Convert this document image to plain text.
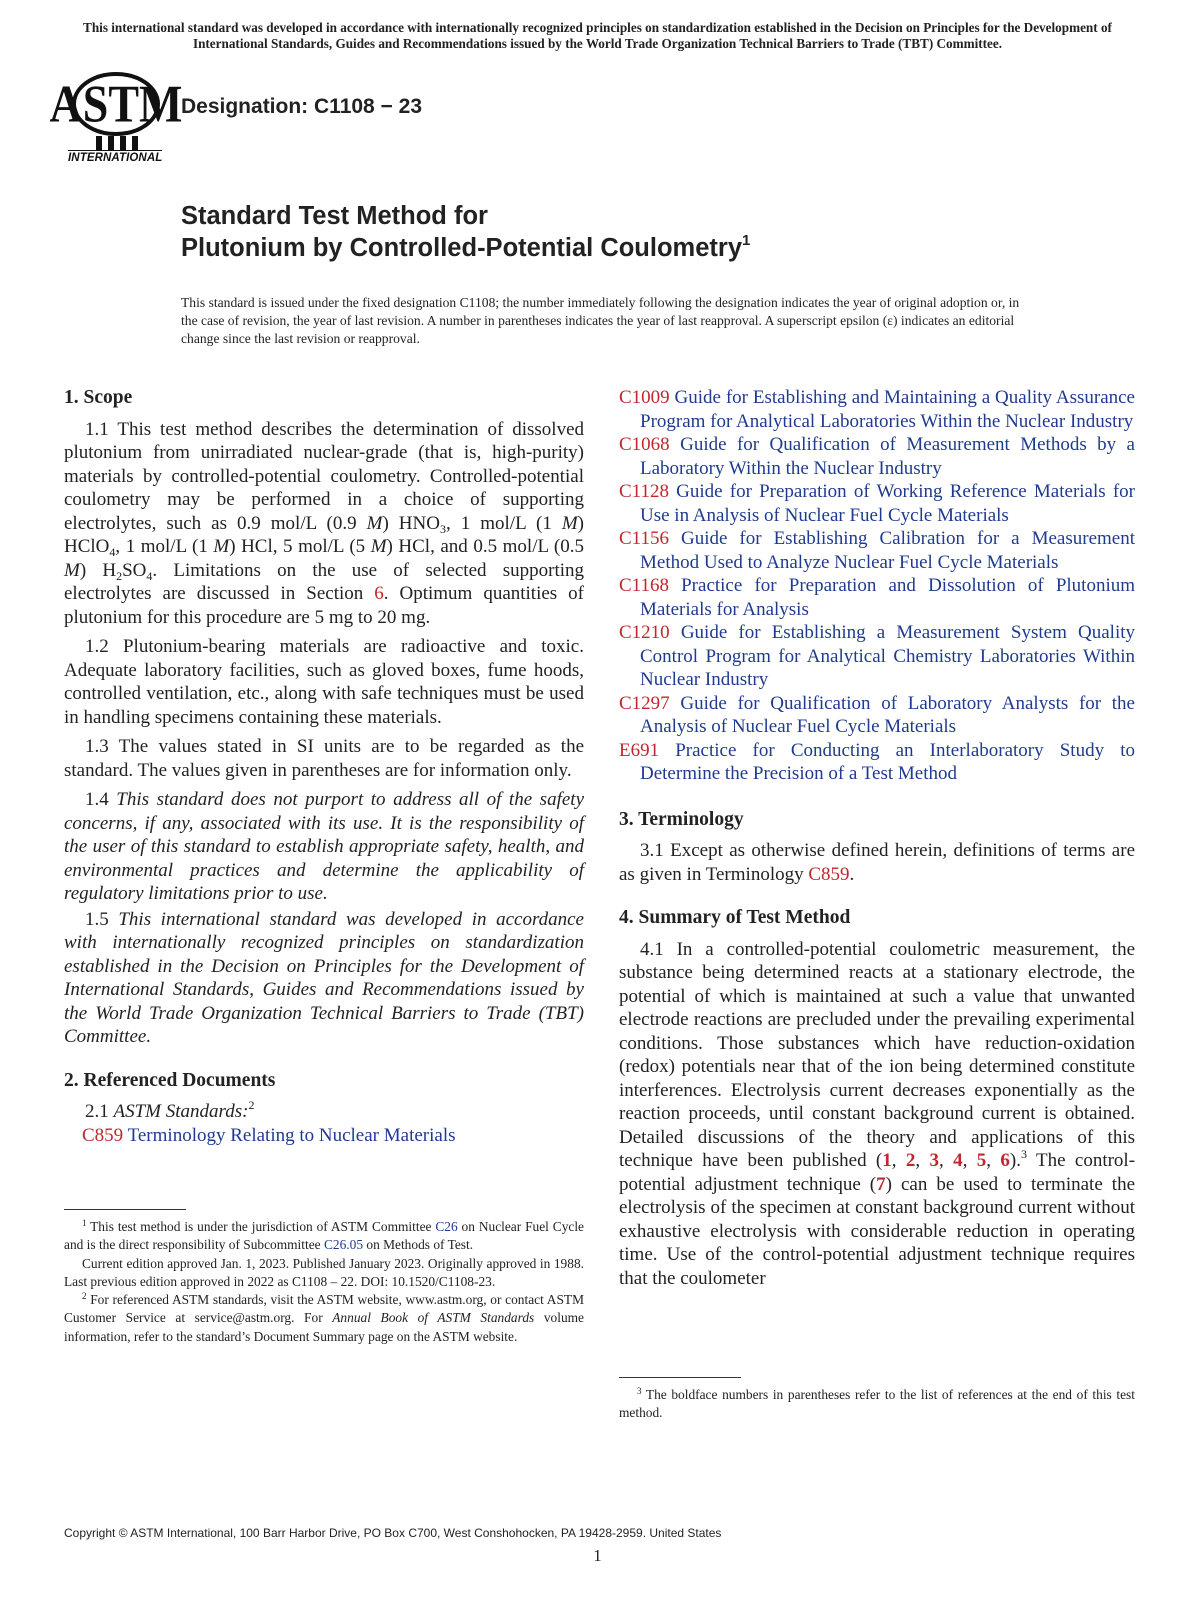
This international standard was developed in accordance with internationally recognized principles on standardization established in the Decision on Principles for the Development of International Standards, Guides and Recommendations issued by the World Trade Organization Technical Barriers to Trade (TBT) Committee.
ASTM
INTERNATIONAL
Designation: C1108 − 23
Standard Test Method for
Plutonium by Controlled-Potential Coulometry$^1$
This standard is issued under the fixed designation C1108; the number immediately following the designation indicates the year of original adoption or, in the case of revision, the year of last revision. A number in parentheses indicates the year of last reapproval. A superscript epsilon (ε) indicates an editorial change since the last revision or reapproval.
1. Scope

1.1 This test method describes the determination of dissolved plutonium from unirradiated nuclear-grade (that is, high-purity) materials by controlled-potential coulometry. Controlled-potential coulometry may be performed in a choice of supporting electrolytes, such as 0.9 mol/L (0.9 M) $HNO_3$, 1 mol/L (1 M) HClO$_4$, 1 mol/L (1 M) HCl, 5 mol/L (5 M) HCl, and 0.5 mol/L (0.5 M) $H_2SO_4$. Limitations on the use of selected supporting electrolytes are discussed in Section 6. Optimum quantities of plutonium for this procedure are 5 mg to 20 mg.

1.2 Plutonium-bearing materials are radioactive and toxic. Adequate laboratory facilities, such as gloved boxes, fume hoods, controlled ventilation, etc., along with safe techniques must be used in handling specimens containing these materials.

1.3 The values stated in SI units are to be regarded as the standard. The values given in parentheses are for information only.

1.4 This standard does not purport to address all of the safety concerns, if any, associated with its use. It is the responsibility of the user of this standard to establish appropriate safety, health, and environmental practices and determine the applicability of regulatory limitations prior to use.

1.5 This international standard was developed in accordance with internationally recognized principles on standardization established in the Decision on Principles for the Development of International Standards, Guides and Recommendations issued by the World Trade Organization Technical Barriers to Trade (TBT) Committee.

2. Referenced Documents

2.1 ASTM Standards:$^2$

C859 Terminology Relating to Nuclear Materials

$^1$ This test method is under the jurisdiction of ASTM Committee C26 on Nuclear Fuel Cycle and is the direct responsibility of Subcommittee C26.05 on Methods of Test.

Current edition approved Jan. 1, 2023. Published January 2023. Originally approved in 1988. Last previous edition approved in 2022 as C1108 – 22. DOI: 10.1520/C1108-23.

$^2$ For referenced ASTM standards, visit the ASTM website, www.astm.org, or contact ASTM Customer Service at service@astm.org. For Annual Book of ASTM Standards volume information, refer to the standard’s Document Summary page on the ASTM website.

C1009 Guide for Establishing and Maintaining a Quality Assurance Program for Analytical Laboratories Within the Nuclear Industry
C1068 Guide for Qualification of Measurement Methods by a Laboratory Within the Nuclear Industry
C1128 Guide for Preparation of Working Reference Materials for Use in Analysis of Nuclear Fuel Cycle Materials
C1156 Guide for Establishing Calibration for a Measurement Method Used to Analyze Nuclear Fuel Cycle Materials
C1168 Practice for Preparation and Dissolution of Plutonium Materials for Analysis
C1210 Guide for Establishing a Measurement System Quality Control Program for Analytical Chemistry Laboratories Within Nuclear Industry
C1297 Guide for Qualification of Laboratory Analysts for the Analysis of Nuclear Fuel Cycle Materials
E691 Practice for Conducting an Interlaboratory Study to Determine the Precision of a Test Method
3. Terminology

3.1 Except as otherwise defined herein, definitions of terms are as given in Terminology C859.

4. Summary of Test Method

4.1 In a controlled-potential coulometric measurement, the substance being determined reacts at a stationary electrode, the potential of which is maintained at such a value that unwanted electrode reactions are precluded under the prevailing experimental conditions. Those substances which have reduction-oxidation (redox) potentials near that of the ion being determined constitute interferences. Electrolysis current decreases exponentially as the reaction proceeds, until constant background current is obtained. Detailed discussions of the theory and applications of this technique have been published (1, 2, 3, 4, 5, 6).$^3$ The control-potential adjustment technique (7) can be used to terminate the electrolysis of the specimen at constant background current without exhaustive electrolysis with considerable reduction in operating time. Use of the control-potential adjustment technique requires that the coulometer

$^3$ The boldface numbers in parentheses refer to the list of references at the end of this test method.

Copyright © ASTM International, 100 Barr Harbor Drive, PO Box C700, West Conshohocken, PA 19428-2959. United States
1
